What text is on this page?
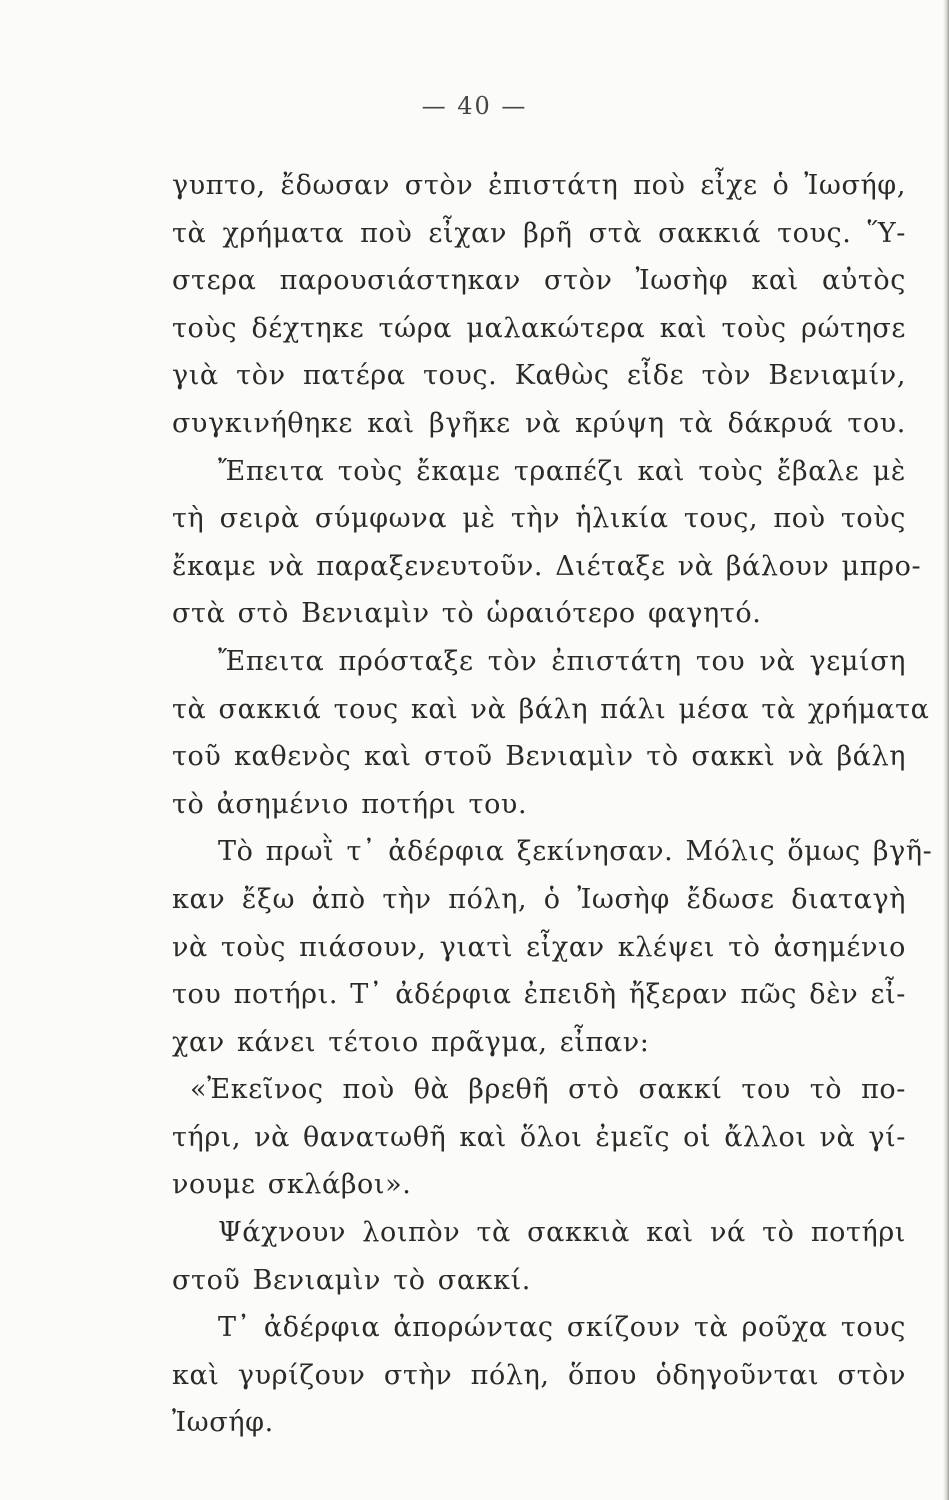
— 40 —
γυπτο, ἔδωσαν στὸν ἐπιστάτη ποὺ εἶχε ὁ Ἰωσήφ,
τὰ χρήματα ποὺ εἶχαν βρῆ στὰ σακκιά τους. Ὕ-
στερα παρουσιάστηκαν στὸν Ἰωσὴφ καὶ αὐτὸς
τοὺς δέχτηκε τώρα μαλακώτερα καὶ τοὺς ρώτησε
γιὰ τὸν πατέρα τους. Καθὼς εἶδε τὸν Βενιαμίν,
συγκινήθηκε καὶ βγῆκε νὰ κρύψη τὰ δάκρυά του.
Ἔπειτα τοὺς ἔκαμε τραπέζι καὶ τοὺς ἔβαλε μὲ
τὴ σειρὰ σύμφωνα μὲ τὴν ἡλικία τους, ποὺ τοὺς
ἔκαμε νὰ παραξενευτοῦν. Διέταξε νὰ βάλουν μπρο-
στὰ στὸ Βενιαμὶν τὸ ὡραιότερο φαγητό.
Ἔπειτα πρόσταξε τὸν ἐπιστάτη του νὰ γεμίση
τὰ σακκιά τους καὶ νὰ βάλη πάλι μέσα τὰ χρήματα
τοῦ καθενὸς καὶ στοῦ Βενιαμὶν τὸ σακκὶ νὰ βάλη
τὸ ἀσημένιο ποτήρι του.
Τὸ πρωῒ τ᾽ ἀδέρφια ξεκίνησαν. Μόλις ὅμως βγῆ-
καν ἔξω ἀπὸ τὴν πόλη, ὁ Ἰωσὴφ ἔδωσε διαταγὴ
νὰ τοὺς πιάσουν, γιατὶ εἶχαν κλέψει τὸ ἀσημένιο
του ποτήρι. Τ᾽ ἀδέρφια ἐπειδὴ ἤξεραν πῶς δὲν εἶ-
χαν κάνει τέτοιο πρᾶγμα, εἶπαν:
«Ἐκεῖνος ποὺ θὰ βρεθῆ στὸ σακκί του τὸ πο-
τήρι, νὰ θανατωθῆ καὶ ὅλοι ἐμεῖς οἱ ἄλλοι νὰ γί-
νουμε σκλάβοι».
Ψάχνουν λοιπὸν τὰ σακκιὰ καὶ νά τὸ ποτήρι
στοῦ Βενιαμὶν τὸ σακκί.
Τ᾽ ἀδέρφια ἀπορώντας σκίζουν τὰ ροῦχα τους
καὶ γυρίζουν στὴν πόλη, ὅπου ὁδηγοῦνται στὸν
Ἰωσήφ.
